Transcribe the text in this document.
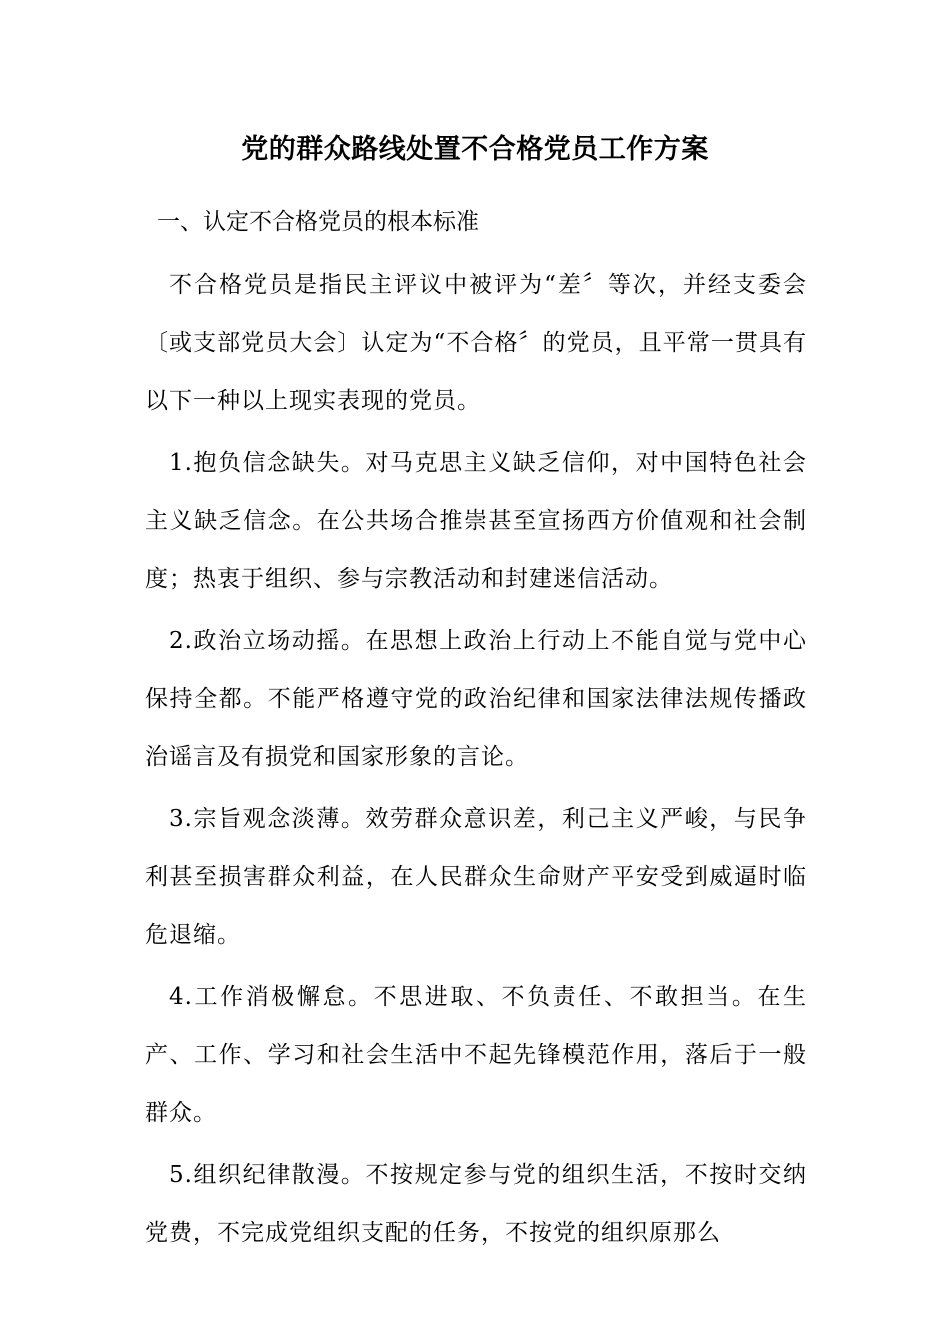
党的群众路线处置不合格党员工作方案

一、认定不合格党员的根本标准

不合格党员是指民主评议中被评为“差〞等次，并经支委会〔或支部党员大会〕认定为“不合格〞的党员，且平常一贯具有以下一种以上现实表现的党员。

1.抱负信念缺失。对马克思主义缺乏信仰，对中国特色社会主义缺乏信念。在公共场合推崇甚至宣扬西方价值观和社会制度；热衷于组织、参与宗教活动和封建迷信活动。

2.政治立场动摇。在思想上政治上行动上不能自觉与党中心保持全都。不能严格遵守党的政治纪律和国家法律法规传播政治谣言及有损党和国家形象的言论。

3.宗旨观念淡薄。效劳群众意识差，利己主义严峻，与民争利甚至损害群众利益，在人民群众生命财产平安受到威逼时临危退缩。

4.工作消极懈怠。不思进取、不负责任、不敢担当。在生产、工作、学习和社会生活中不起先锋模范作用，落后于一般群众。

5.组织纪律散漫。不按规定参与党的组织生活，不按时交纳党费，不完成党组织支配的任务，不按党的组织原那么
